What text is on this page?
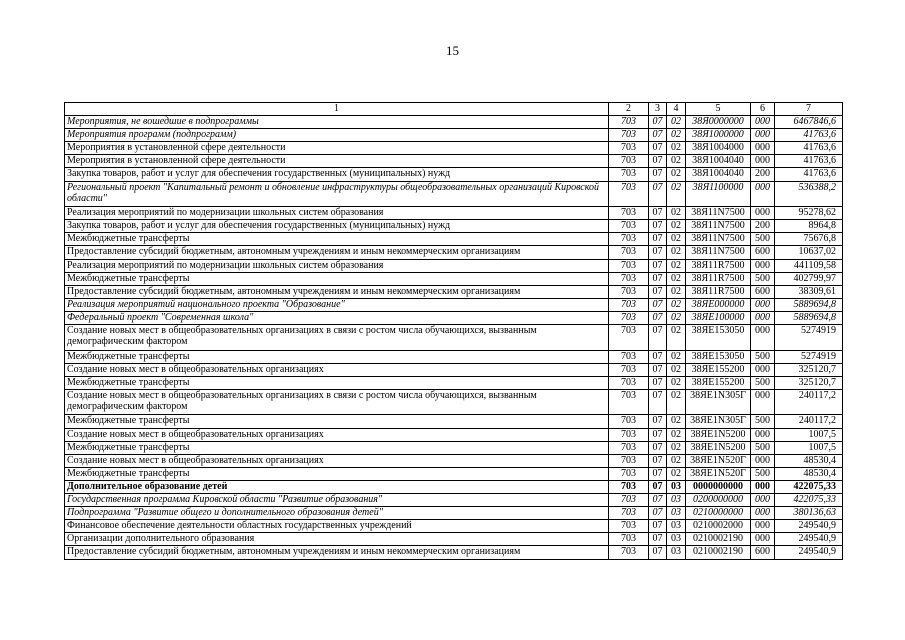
15
1	2	3	4	5	6	7
Мероприятия, не вошедшие в подпрограммы	703	07	02	38Я0000000	000	6467846,6
Мероприятия программ (подпрограмм)	703	07	02	38Я1000000	000	41763,6
Мероприятия в установленной сфере деятельности	703	07	02	38Я1004000	000	41763,6
Мероприятия в установленной сфере деятельности	703	07	02	38Я1004040	000	41763,6
Закупка товаров, работ и услуг для обеспечения государственных (муниципальных) нужд	703	07	02	38Я1004040	200	41763,6
Региональный проект "Капитальный ремонт и обновление инфраструктуры общеобразовательных организаций Кировской области"	703	07	02	38Я1100000	000	536388,2
Реализация мероприятий по модернизации школьных систем образования	703	07	02	38Я11N7500	000	95278,62
Закупка товаров, работ и услуг для обеспечения государственных (муниципальных) нужд	703	07	02	38Я11N7500	200	8964,8
Межбюджетные трансферты	703	07	02	38Я11N7500	500	75676,8
Предоставление субсидий бюджетным, автономным учреждениям и иным некоммерческим организациям	703	07	02	38Я11N7500	600	10637,02
Реализация мероприятий по модернизации школьных систем образования	703	07	02	38Я11R7500	000	441109,58
Межбюджетные трансферты	703	07	02	38Я11R7500	500	402799,97
Предоставление субсидий бюджетным, автономным учреждениям и иным некоммерческим организациям	703	07	02	38Я11R7500	600	38309,61
Реализация мероприятий национального проекта "Образование"	703	07	02	38ЯЕ000000	000	5889694,8
Федеральный проект "Современная школа"	703	07	02	38ЯЕ100000	000	5889694,8
Создание новых мест в общеобразовательных организациях в связи с ростом числа обучающихся, вызванным демографическим фактором	703	07	02	38ЯЕ153050	000	5274919
Межбюджетные трансферты	703	07	02	38ЯЕ153050	500	5274919
Создание новых мест в общеобразовательных организациях	703	07	02	38ЯЕ155200	000	325120,7
Межбюджетные трансферты	703	07	02	38ЯЕ155200	500	325120,7
Создание новых мест в общеобразовательных организациях в связи с ростом числа обучающихся, вызванным демографическим фактором	703	07	02	38ЯЕ1N305Г	000	240117,2
Межбюджетные трансферты	703	07	02	38ЯЕ1N305Г	500	240117,2
Создание новых мест в общеобразовательных организациях	703	07	02	38ЯЕ1N5200	000	1007,5
Межбюджетные трансферты	703	07	02	38ЯЕ1N5200	500	1007,5
Создание новых мест в общеобразовательных организациях	703	07	02	38ЯЕ1N520Г	000	48530,4
Межбюджетные трансферты	703	07	02	38ЯЕ1N520Г	500	48530,4
Дополнительное образование детей	703	07	03	0000000000	000	422075,33
Государственная программа Кировской области "Развитие образования"	703	07	03	0200000000	000	422075,33
Подпрограмма "Развитие общего и дополнительного образования детей"	703	07	03	0210000000	000	380136,63
Финансовое обеспечение деятельности областных государственных учреждений	703	07	03	0210002000	000	249540,9
Организации дополнительного образования	703	07	03	0210002190	000	249540,9
Предоставление субсидий бюджетным, автономным учреждениям и иным некоммерческим организациям	703	07	03	0210002190	600	249540,9
